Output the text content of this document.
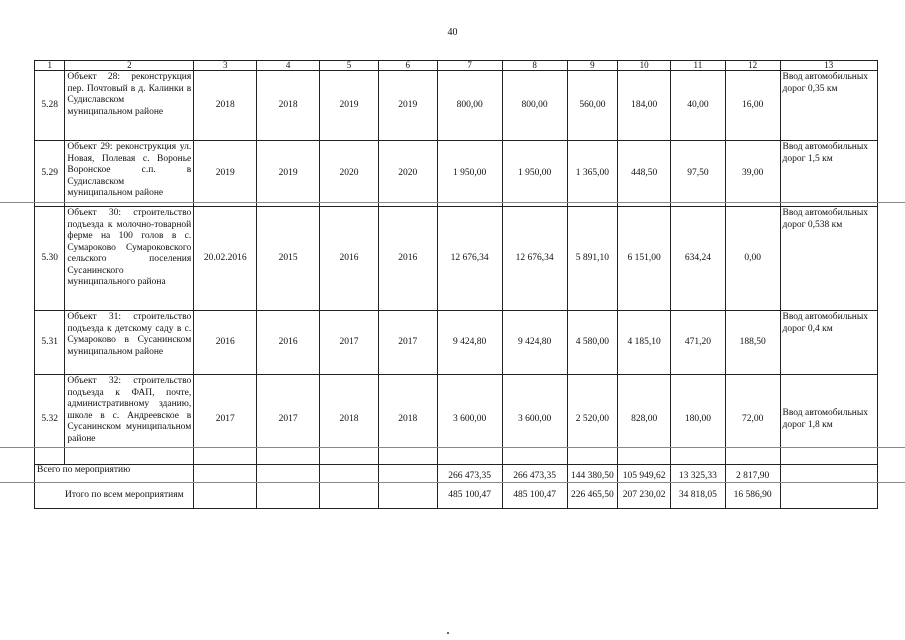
40
1	2	3	4	5	6	7	8	9	10	11	12	13
5.28	Объект 28: реконструкция пер. Почтовый в д. Калинки в Судиславском муниципальном районе	2018	2018	2019	2019	800,00	800,00	560,00	184,00	40,00	16,00	Ввод автомобильных дорог 0,35 км
5.29	Объект 29: реконструкция ул. Новая, Полевая с. Воронье Воронское с.п. в Судиславском муниципальном районе	2019	2019	2020	2020	1 950,00	1 950,00	1 365,00	448,50	97,50	39,00	Ввод автомобильных дорог 1,5 км
5.30	Объект 30: строительство подъезда к молочно-товарной ферме на 100 голов в с. Сумароково Сумароковского сельского поселения Сусанинского муниципального района	20.02.2016	2015	2016	2016	12 676,34	12 676,34	5 891,10	6 151,00	634,24	0,00	Ввод автомобильных дорог 0,538 км
5.31	Объект 31: строительство подъезда к детскому саду в с. Сумароково в Сусанинском муниципальном районе	2016	2016	2017	2017	9 424,80	9 424,80	4 580,00	4 185,10	471,20	188,50	Ввод автомобильных дорог 0,4 км
5.32	Объект 32: строительство подъезда к ФАП, почте, административному зданию, школе в с. Андреевское в Сусанинском муниципальном районе	2017	2017	2018	2018	3 600,00	3 600,00	2 520,00	828,00	180,00	72,00	Ввод автомобильных дорог 1,8 км
Всего по мероприятию						266 473,35	266 473,35	144 380,50	105 949,62	13 325,33	2 817,90	
Итого по всем мероприятиям						485 100,47	485 100,47	226 465,50	207 230,02	34 818,05	16 586,90	
